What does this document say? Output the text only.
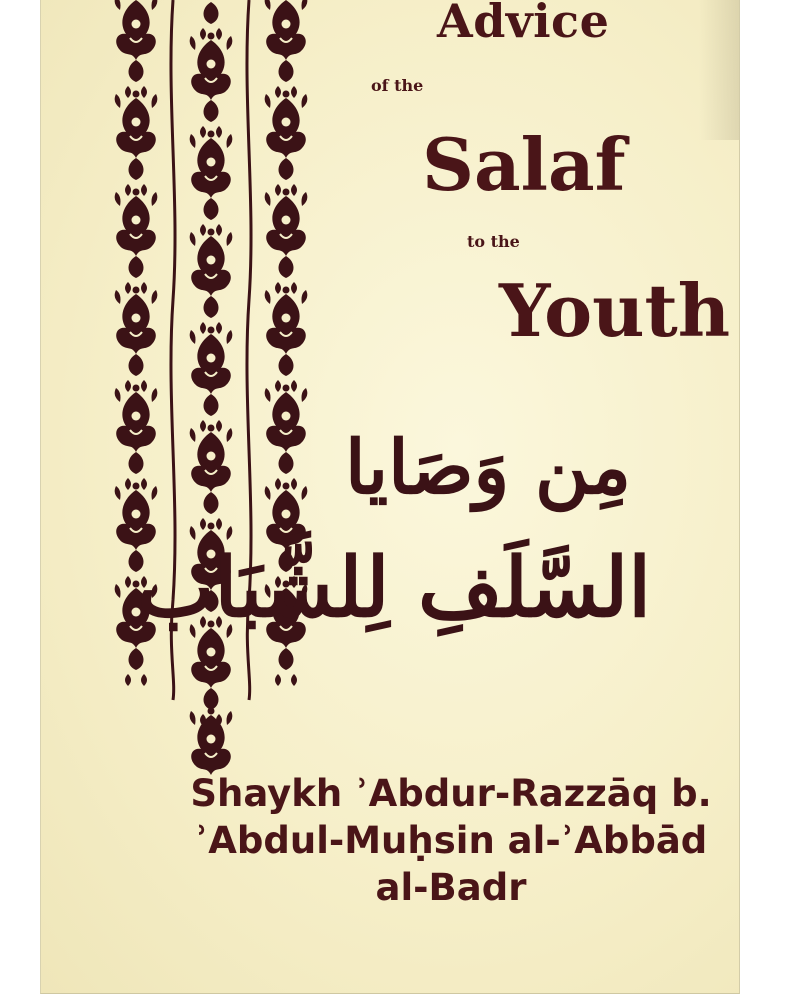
Advice
of the
Salaf
to the
Youth
مِن وَصَايا
السَّلَفِ لِلشَّبَاب
Shaykh ʾAbdur-Razzāq b.
ʾAbdul-Muḥsin al-ʾAbbād
al-Badr
